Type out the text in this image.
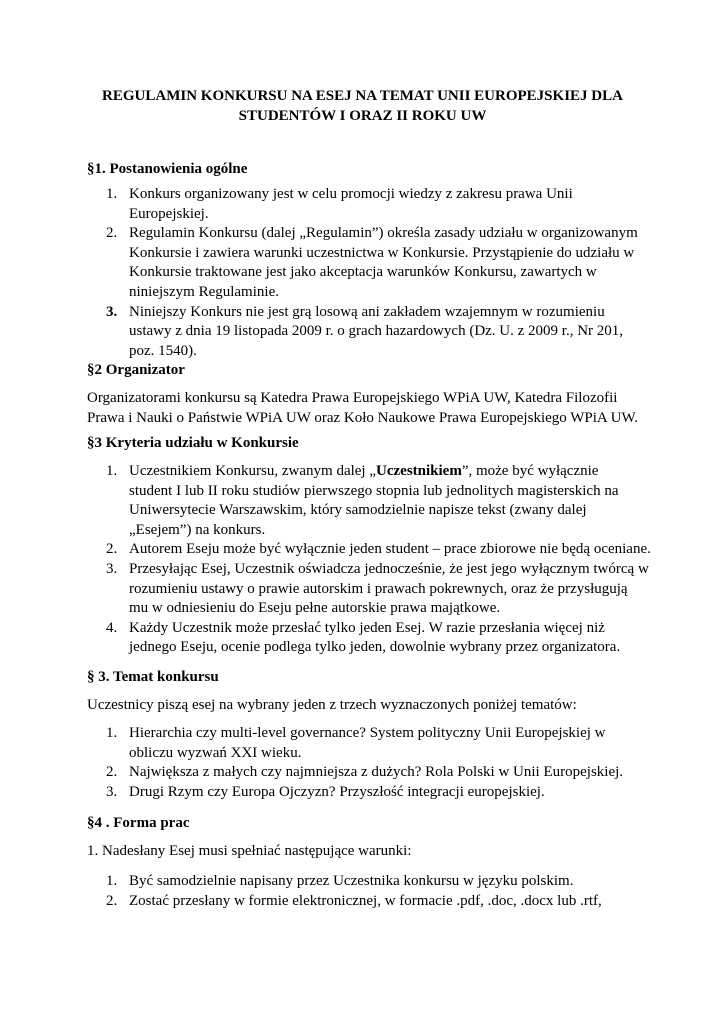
REGULAMIN KONKURSU NA ESEJ NA TEMAT UNII EUROPEJSKIEJ DLA
STUDENTÓW I ORAZ II ROKU UW
§1. Postanowienia ogólne
1. Konkurs organizowany jest w celu promocji wiedzy z zakresu prawa Unii Europejskiej.
2. Regulamin Konkursu (dalej „Regulamin”) określa zasady udziału w organizowanym Konkursie i zawiera warunki uczestnictwa w Konkursie. Przystąpienie do udziału w Konkursie traktowane jest jako akceptacja warunków Konkursu, zawartych w niniejszym Regulaminie.
3. Niniejszy Konkurs nie jest grą losową ani zakładem wzajemnym w rozumieniu ustawy z dnia 19 listopada 2009 r. o grach hazardowych (Dz. U. z 2009 r., Nr 201, poz. 1540).
§2 Organizator
Organizatorami konkursu są Katedra Prawa Europejskiego WPiA UW, Katedra Filozofii Prawa i Nauki o Państwie WPiA UW oraz Koło Naukowe Prawa Europejskiego WPiA UW.
§3 Kryteria udziału w Konkursie
1. Uczestnikiem Konkursu, zwanym dalej „Uczestnikiem”, może być wyłącznie student I lub II roku studiów pierwszego stopnia lub jednolitych magisterskich na Uniwersytecie Warszawskim, który samodzielnie napisze tekst (zwany dalej „Esejem”) na konkurs.
2. Autorem Eseju może być wyłącznie jeden student – prace zbiorowe nie będą oceniane.
3. Przesyłając Esej, Uczestnik oświadcza jednocześnie, że jest jego wyłącznym twórcą w rozumieniu ustawy o prawie autorskim i prawach pokrewnych, oraz że przysługują mu w odniesieniu do Eseju pełne autorskie prawa majątkowe.
4. Każdy Uczestnik może przesłać tylko jeden Esej. W razie przesłania więcej niż jednego Eseju, ocenie podlega tylko jeden, dowolnie wybrany przez organizatora.
§ 3. Temat konkursu
Uczestnicy piszą esej na wybrany jeden z trzech wyznaczonych poniżej tematów:
1. Hierarchia czy multi-level governance? System polityczny Unii Europejskiej w obliczu wyzwań XXI wieku.
2. Największa z małych czy najmniejsza z dużych? Rola Polski w Unii Europejskiej.
3. Drugi Rzym czy Europa Ojczyzn? Przyszłość integracji europejskiej.
§4 . Forma prac
1. Nadesłany Esej musi spełniać następujące warunki:
1. Być samodzielnie napisany przez Uczestnika konkursu w języku polskim.
2. Zostać przesłany w formie elektronicznej, w formacie .pdf, .doc, .docx lub .rtf,
